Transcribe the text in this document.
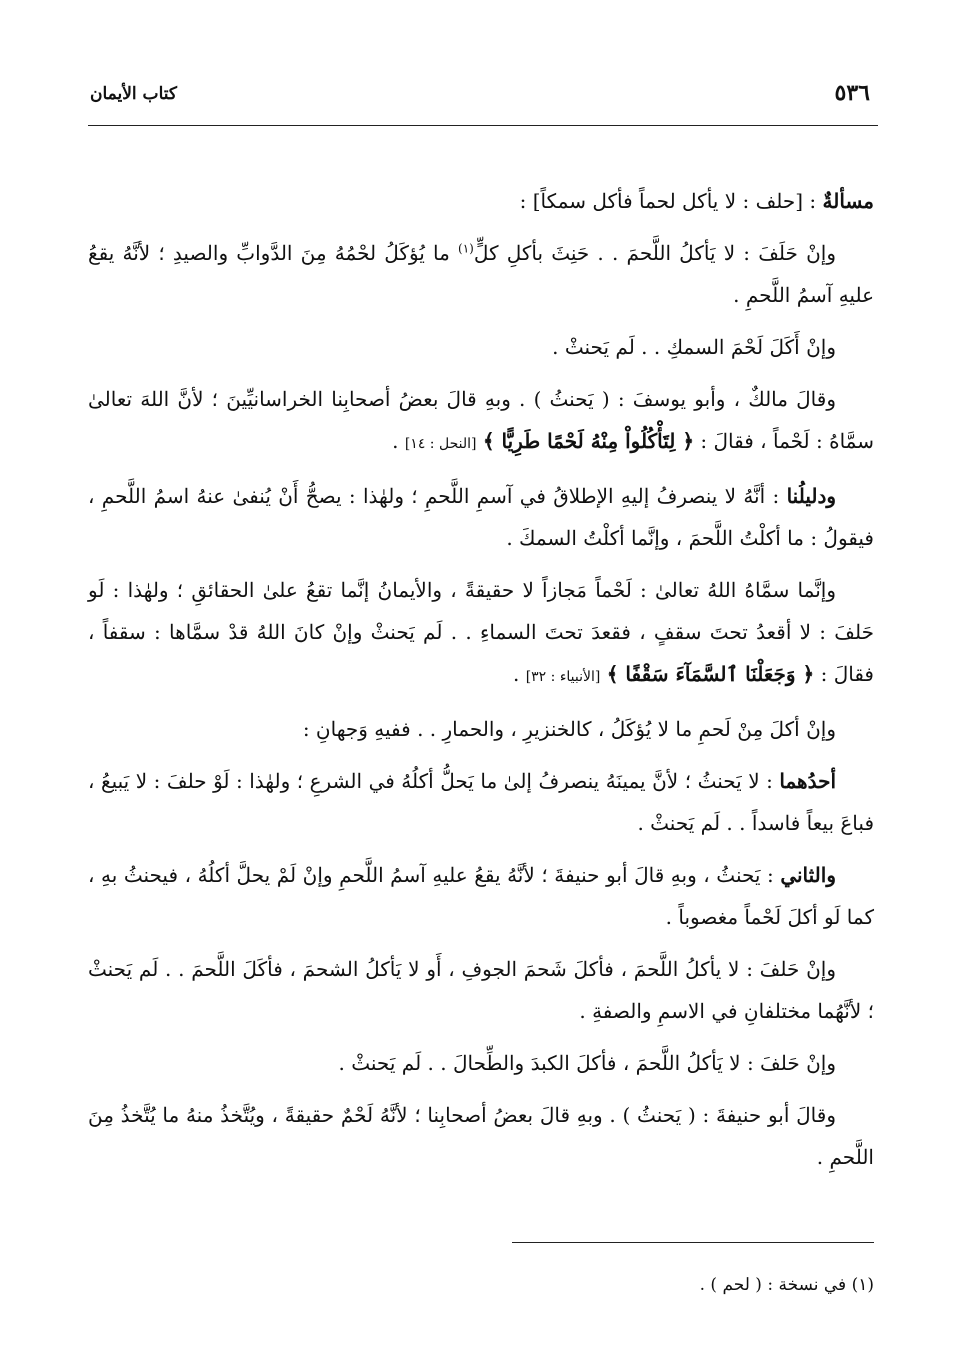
كتاب الأيمان	٥٣٦

مسألةٌ : [حلف : لا يأكل لحماً فأكل سمكاً] :

وإنْ حَلَفَ : لا يَأكلُ اللَّحمَ . . حَنِثَ بأكلِ كلٍّ$^{(١)}$ ما يُؤكَلُ لحْمُهُ مِنَ الدَّوابِّ والصيدِ ؛ لأنَّهُ يقعُ عليهِ آسمُ اللَّحمِ .

وإنْ أَكَلَ لَحْمَ السمكِ . . لَم يَحنثْ .

وقالَ مالكٌ ، وأبو يوسفَ : ( يَحنثُ ) . وبهِ قالَ بعضُ أصحابِنا الخراسانيِّينَ ؛ لأنَّ اللهَ تعالىٰ سمَّاهُ : لَحْماً ، فقالَ : ﴿ لِتَأْكُلُواْ مِنْهُ لَحْمًا طَرِيًّا ﴾ [النحل : ١٤] .

ودليلُنا : أنَّهُ لا ينصرفُ إليهِ الإطلاقُ في آسمِ اللَّحمِ ؛ ولهٰذا : يصحُّ أَنْ يُنفىٰ عنهُ اسمُ اللَّحمِ ، فيقولُ : ما أكلْتُ اللَّحمَ ، وإنَّما أكلْتُ السمكَ .

وإنَّما سمَّاهُ اللهُ تعالىٰ : لَحْماً مَجازاً لا حقيقةً ، والأيمانُ إنَّما تقعُ علىٰ الحقائقِ ؛ ولهٰذا : لَو حَلفَ : لا أقعدُ تحتَ سقفٍ ، فقعدَ تحتَ السماءِ . . لَم يَحنثْ وإنْ كانَ اللهُ قدْ سمَّاها : سقفاً ، فقالَ : ﴿ وَجَعَلْنَا ٱلسَّمَآءَ سَقْفًا ﴾ [الأنبياء : ٣٢] .

وإنْ أكلَ مِنْ لَحمِ ما لا يُؤكَلُ ، كالخنزيرِ ، والحمارِ . . ففيهِ وَجهانِ :

أحدُهما : لا يَحنثُ ؛ لأنَّ يمينَهُ ينصرفُ إلىٰ ما يَحلُّ أكلُهُ في الشرعِ ؛ ولهٰذا : لَوْ حلفَ : لا يَبيعُ ، فباعَ بيعاً فاسداً . . لَم يَحنثْ .

والثاني : يَحنثُ ، وبهِ قالَ أبو حنيفةَ ؛ لأنَّهُ يقعُ عليهِ آسمُ اللَّحمِ وإنْ لَمْ يحلَّ أكلُهُ ، فيحنثُ بهِ ، كما لَو أكلَ لَحْماً مغصوباً .

وإنْ حَلفَ : لا يأكلُ اللَّحمَ ، فأكلَ شَحمَ الجوفِ ، أَو لا يَأكلُ الشحمَ ، فأكَلَ اللَّحمَ . . لَم يَحنثْ ؛ لأنَّهُما مختلفانِ في الاسمِ والصفةِ .

وإنْ حَلفَ : لا يَأكلُ اللَّحمَ ، فأكلَ الكبدَ والطِّحالَ . . لَم يَحنثْ .

وقالَ أبو حنيفةَ : ( يَحنثُ ) . وبهِ قالَ بعضُ أصحابِنا ؛ لأنَّهُ لَحْمٌ حقيقةً ، ويُتَّخذُ منهُ ما يُتَّخذُ مِنَ اللَّحمِ .

(١) في نسخة : ( لحم ) .
